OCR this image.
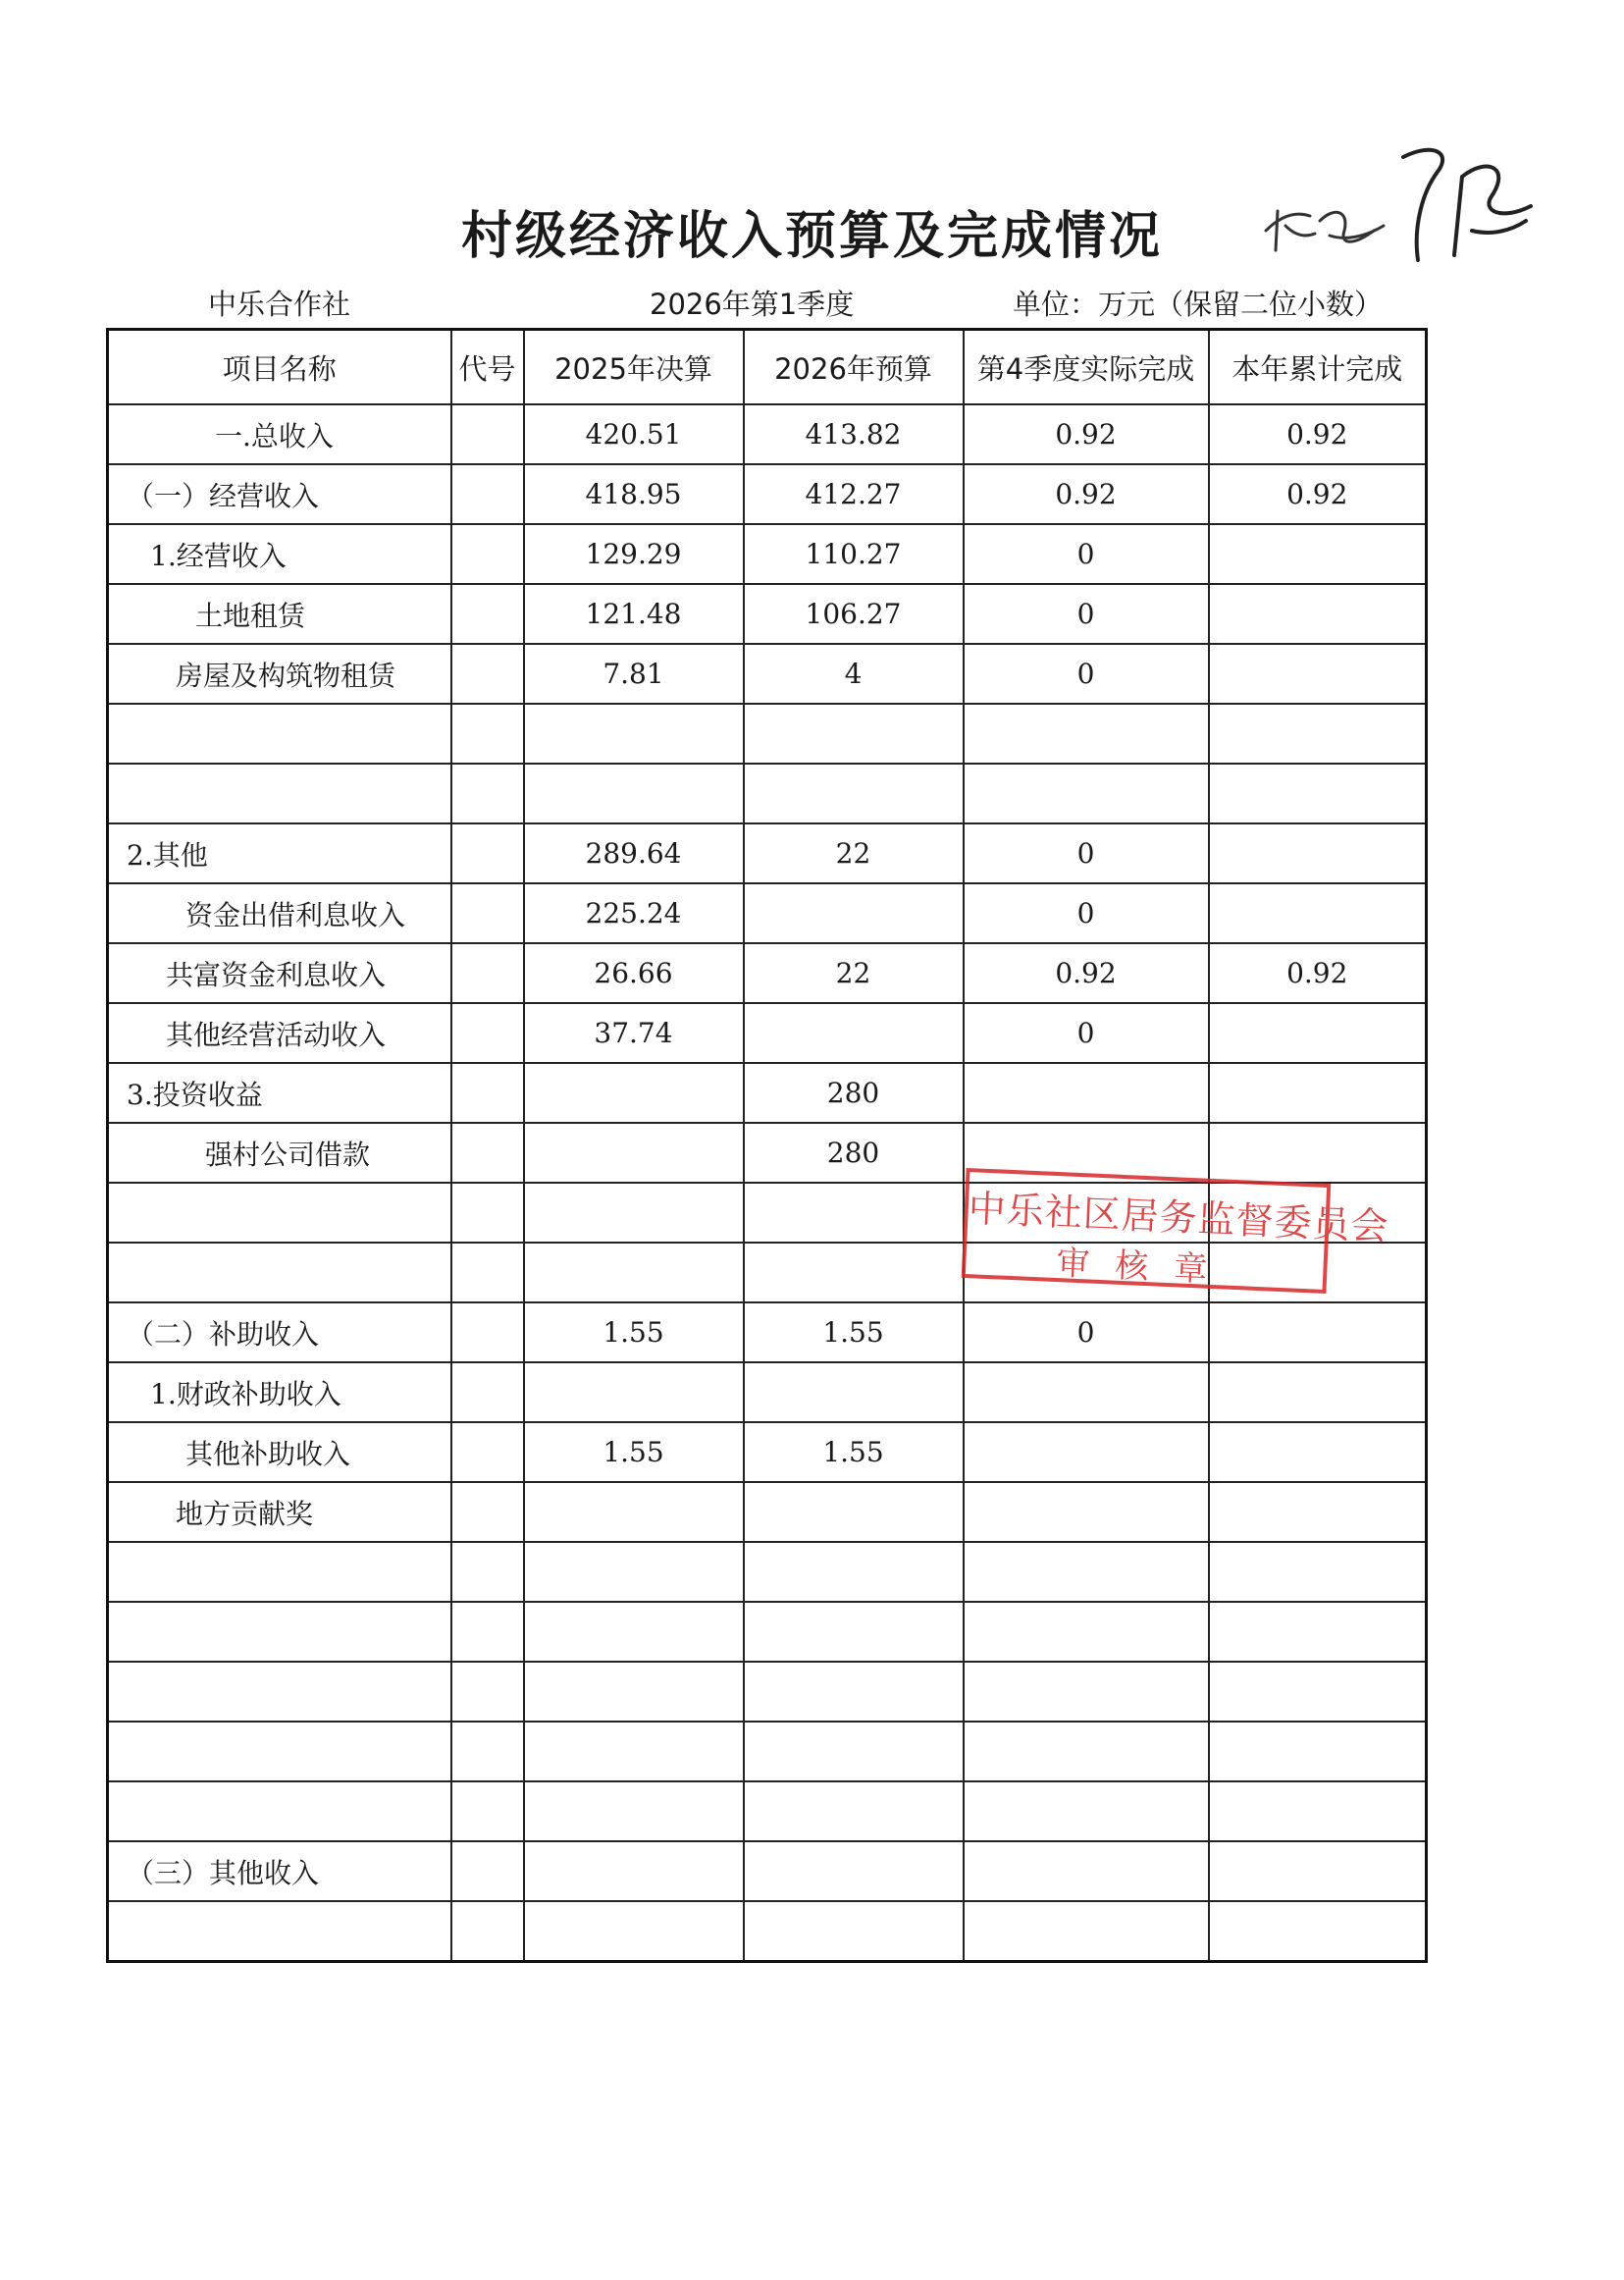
村级经济收入预算及完成情况
中乐合作社	2026年第1季度	单位：万元（保留二位小数）
项目名称	代号	2025年决算	2026年预算	第4季度实际完成	本年累计完成
一.总收入		420.51	413.82	0.92	0.92
（一）经营收入		418.95	412.27	0.92	0.92
1.经营收入		129.29	110.27	0	
土地租赁		121.48	106.27	0	
房屋及构筑物租赁		7.81	4	0	

2.其他		289.64	22	0	
资金出借利息收入		225.24		0	
共富资金利息收入		26.66	22	0.92	0.92
其他经营活动收入		37.74		0	
3.投资收益			280		
强村公司借款			280		

（二）补助收入		1.55	1.55	0	
1.财政补助收入					
其他补助收入		1.55	1.55		
地方贡献奖					

（三）其他收入					

中乐社区居务监督委员会
审核章
